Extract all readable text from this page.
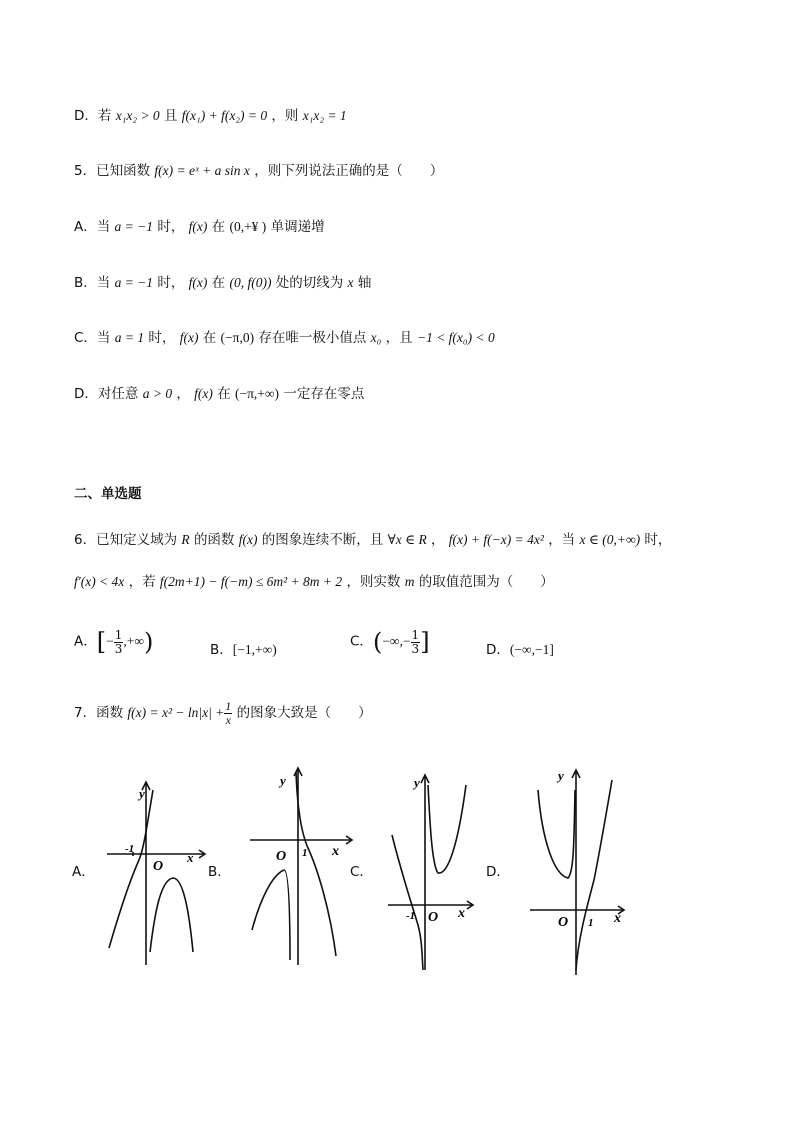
D．若 x₁x₂ > 0 且 f(x₁) + f(x₂) = 0 ，则 x₁x₂ = 1
5．已知函数 f(x) = eˣ + a sin x ，则下列说法正确的是（　　）
A．当 a = −1 时， f(x) 在 (0,+¥ ) 单调递增
B．当 a = −1 时， f(x) 在 (0, f(0)) 处的切线为 x 轴
C．当 a = 1 时， f(x) 在 (−π,0) 存在唯一极小值点 x₀ ，且 −1 < f(x₀) < 0
D．对任意 a > 0 ， f(x) 在 (−π,+∞) 一定存在零点
二、单选题
6．已知定义域为 R 的函数 f(x) 的图象连续不断，且 ∀x ∈ R ， f(x) + f(−x) = 4x² ，当 x ∈ (0,+∞) 时，
f′(x) < 4x ，若 f(2m+1) − f(−m) ≤ 6m² + 8m + 2 ，则实数 m 的取值范围为（　　）
A．[− $\frac{1}{3}$ ,+∞)	B．[−1,+∞)	C．(−∞,− $\frac{1}{3}$ ]	D．(−∞,−1]
7．函数 $f(x) = x^2 - \ln|x| + \frac{1}{x}$ 的图象大致是（　　）
A．	B．	C．	D．
y
x
O
-1
y
x
O 1
y
x
O
-1
y
x
O 1
